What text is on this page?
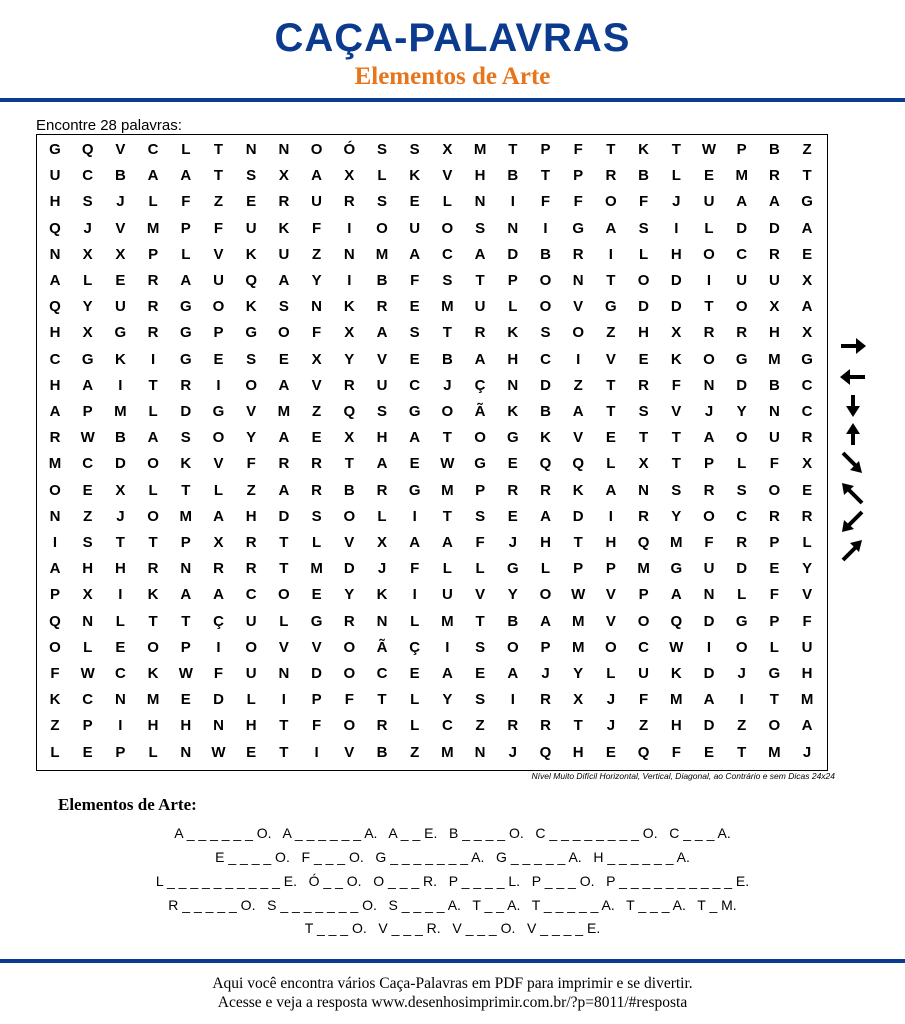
CAÇA-PALAVRAS
Elementos de Arte
Encontre 28 palavras:
G	Q	V	C	L	T	N	N	O	Ó	S	S	X	M	T	P	F	T	K	T	W	P	B	Z
U	C	B	A	A	T	S	X	A	X	L	K	V	H	B	T	P	R	B	L	E	M	R	T
H	S	J	L	F	Z	E	R	U	R	S	E	L	N	I	F	F	O	F	J	U	A	A	G
Q	J	V	M	P	F	U	K	F	I	O	U	O	S	N	I	G	A	S	I	L	D	D	A
N	X	X	P	L	V	K	U	Z	N	M	A	C	A	D	B	R	I	L	H	O	C	R	E
A	L	E	R	A	U	Q	A	Y	I	B	F	S	T	P	O	N	T	O	D	I	U	U	X
Q	Y	U	R	G	O	K	S	N	K	R	E	M	U	L	O	V	G	D	D	T	O	X	A
H	X	G	R	G	P	G	O	F	X	A	S	T	R	K	S	O	Z	H	X	R	R	H	X
C	G	K	I	G	E	S	E	X	Y	V	E	B	A	H	C	I	V	E	K	O	G	M	G
H	A	I	T	R	I	O	A	V	R	U	C	J	Ç	N	D	Z	T	R	F	N	D	B	C
A	P	M	L	D	G	V	M	Z	Q	S	G	O	Ã	K	B	A	T	S	V	J	Y	N	C
R	W	B	A	S	O	Y	A	E	X	H	A	T	O	G	K	V	E	T	T	A	O	U	R
M	C	D	O	K	V	F	R	R	T	A	E	W	G	E	Q	Q	L	X	T	P	L	F	X
O	E	X	L	T	L	Z	A	R	B	R	G	M	P	R	R	K	A	N	S	R	S	O	E
N	Z	J	O	M	A	H	D	S	O	L	I	T	S	E	A	D	I	R	Y	O	C	R	R
I	S	T	T	P	X	R	T	L	V	X	A	A	F	J	H	T	H	Q	M	F	R	P	L
A	H	H	R	N	R	R	T	M	D	J	F	L	L	G	L	P	P	M	G	U	D	E	Y
P	X	I	K	A	A	C	O	E	Y	K	I	U	V	Y	O	W	V	P	A	N	L	F	V
Q	N	L	T	T	Ç	U	L	G	R	N	L	M	T	B	A	M	V	O	Q	D	G	P	F
O	L	E	O	P	I	O	V	V	O	Ã	Ç	I	S	O	P	M	O	C	W	I	O	L	U
F	W	C	K	W	F	U	N	D	O	C	E	A	E	A	J	Y	L	U	K	D	J	G	H
K	C	N	M	E	D	L	I	P	F	T	L	Y	S	I	R	X	J	F	M	A	I	T	M
Z	P	I	H	H	N	H	T	F	O	R	L	C	Z	R	R	T	J	Z	H	D	Z	O	A
L	E	P	L	N	W	E	T	I	V	B	Z	M	N	J	Q	H	E	Q	F	E	T	M	J
Nível Muito Difícil Horizontal, Vertical, Diagonal, ao Contrário e sem Dicas 24x24
Elementos de Arte:
A _ _ _ _ _ _ O.   A _ _ _ _ _ _ A.   A _ _ E.   B _ _ _ _ O.   C _ _ _ _ _ _ _ _ O.   C _ _ _ A.
E _ _ _ _ O.   F _ _ _ O.   G _ _ _ _ _ _ _ A.   G _ _ _ _ _ A.   H _ _ _ _ _ _ A.
L _ _ _ _ _ _ _ _ _ _ E.   Ó _ _ O.   O _ _ _ R.   P _ _ _ _ L.   P _ _ _ O.   P _ _ _ _ _ _ _ _ _ _ E.
R _ _ _ _ _ O.   S _ _ _ _ _ _ _ O.   S _ _ _ _ A.   T _ _ A.   T _ _ _ _ _ A.   T _ _ _ A.   T _ M.
T _ _ _ O.   V _ _ _ R.   V _ _ _ O.   V _ _ _ _ E.
Aqui você encontra vários Caça-Palavras em PDF para imprimir e se divertir.
Acesse e veja a resposta www.desenhosimprimir.com.br/?p=8011/#resposta
